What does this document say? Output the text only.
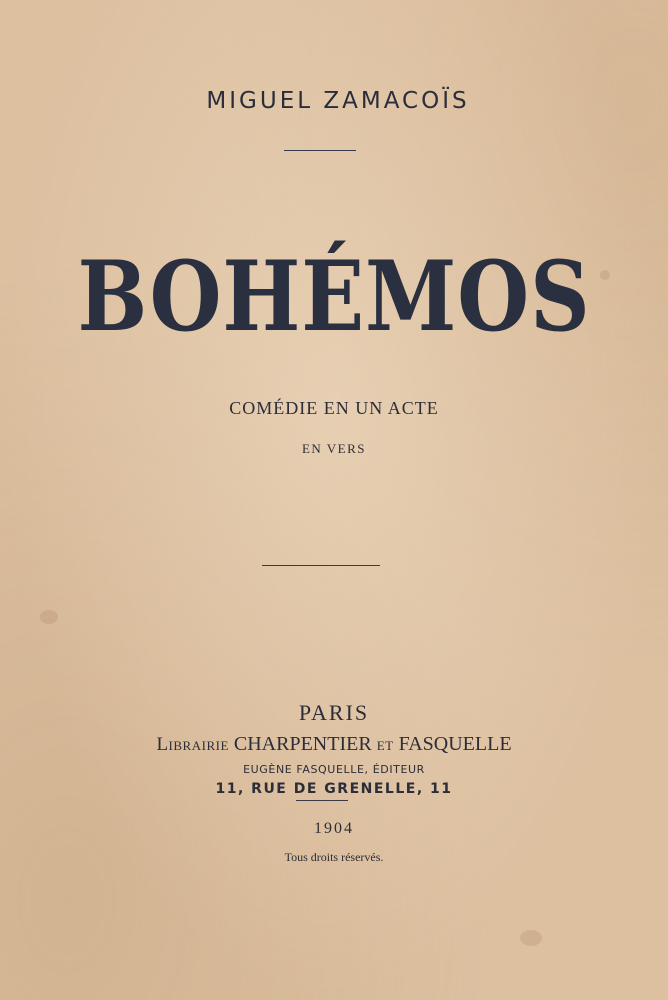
MIGUEL ZAMACOÏS
BOHÉMOS
COMÉDIE EN UN ACTE
EN VERS
PARIS
Librairie CHARPENTIER et FASQUELLE
EUGÈNE FASQUELLE, ÉDITEUR
11, RUE DE GRENELLE, 11
1904
Tous droits réservés.
